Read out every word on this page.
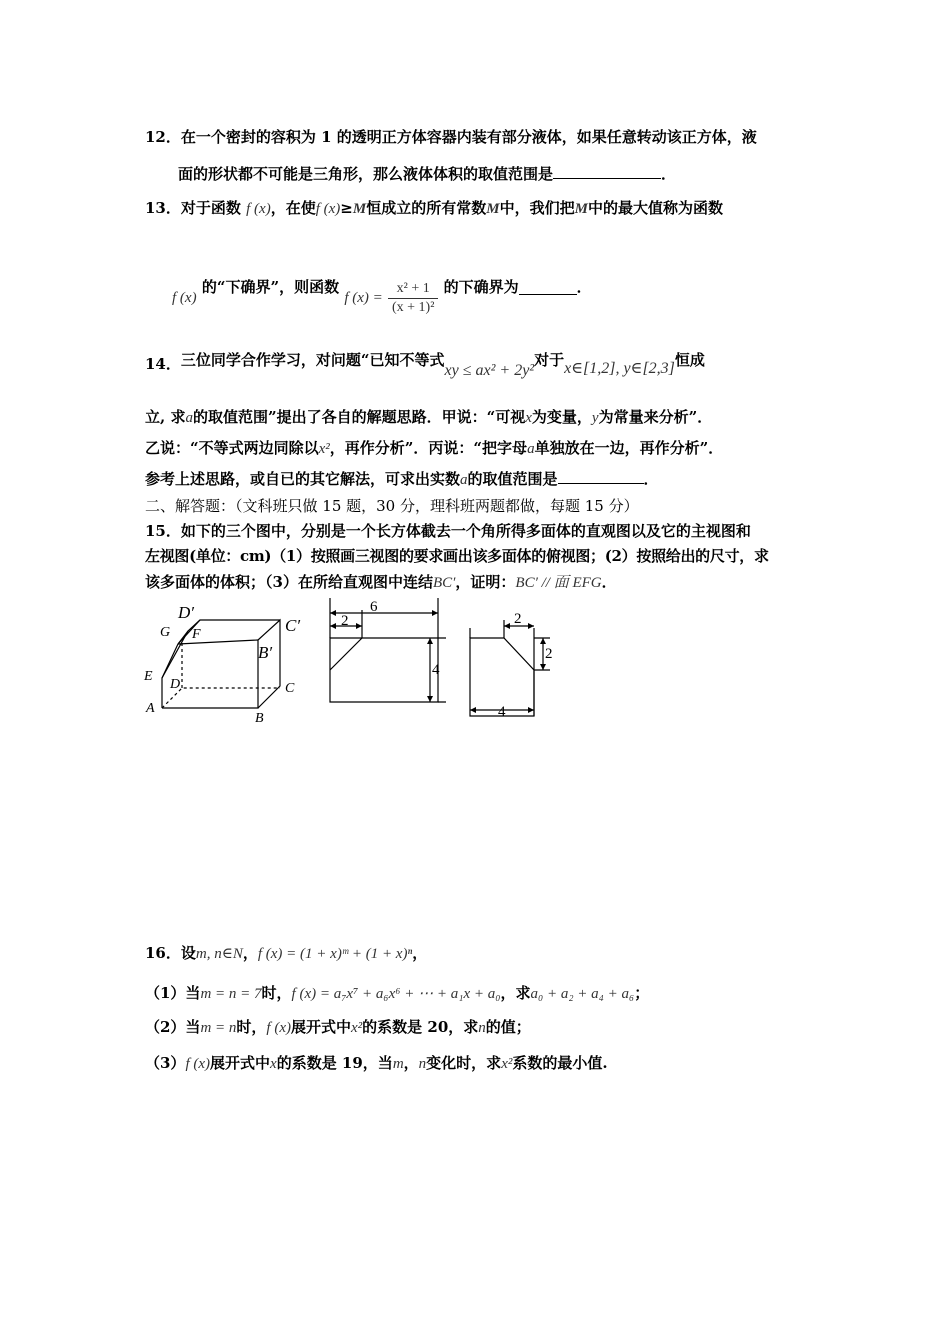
12．在一个密封的容积为 1 的透明正方体容器内装有部分液体，如果任意转动该正方体，液
面的形状都不可能是三角形，那么液体体积的取值范围是	．
13．对于函数 f (x)，在使f (x)≥M恒成立的所有常数M中，我们把M中的最大值称为函数
f (x) 的“下确界”，则函数 f $(x) = \frac{\text{x² + 1}}{\text{(x + 1)²}}$ 的下确界为	．
14．三位同学合作学习，对问题“已知不等式xy ≤ ax² + 2y²对于x∈[1,2], y∈[2,3]恒成
立, 求a的取值范围”提出了各自的解题思路．甲说：“可视x为变量，y为常量来分析”．
乙说：“不等式两边同除以x²，再作分析”．丙说：“把字母a单独放在一边，再作分析”．
参考上述思路，或自已的其它解法，可求出实数a的取值范围是	．
二、解答题：（文科班只做 15 题，30 分，理科班两题都做，每题 15 分）
15．如下的三个图中，分别是一个长方体截去一个角所得多面体的直观图以及它的主视图和
左视图(单位：cm)（1）按照画三视图的要求画出该多面体的俯视图；(2）按照给出的尺寸，求
该多面体的体积；（3）在所给直观图中连结BC′，证明：BC′ // 面 EFG．
D′
C′
G F
B′
E
D	C
A
B
6
2
4
2
2
4
16．设m, n∈N，f (x) = (1 + x)ᵐ + (1 + x)ⁿ，
（1）当m = n = 7时，f (x) = a₇x⁷ + a₆x⁶ + ⋯ + a₁x + a₀，求a₀ + a₂ + a₄ + a₆；
（2）当m = n时，f (x)展开式中x²的系数是 20，求n的值；
（3）f (x)展开式中x的系数是 19，当m，n变化时，求x²系数的最小值.
